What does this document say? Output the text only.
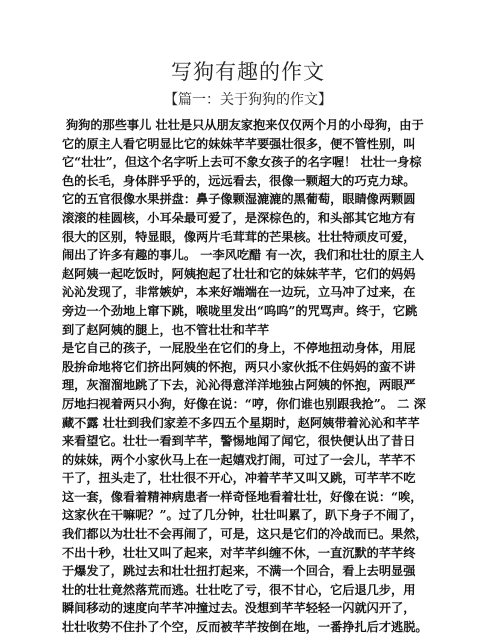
写狗有趣的作文
【篇一：关于狗狗的作文】
狗狗的那些事儿 壮壮是只从朋友家抱来仅仅两个月的小母狗，由于
它的原主人看它明显比它的妹妹芊芊要强壮很多，便不管性别，叫
它“壮壮”，但这个名字听上去可不象女孩子的名字喔！ 壮壮一身棕
色的长毛，身体胖乎乎的，远远看去，很像一颗超大的巧克力球。
它的五官很像水果拼盘：鼻子像颗湿漉漉的黑葡萄，眼睛像两颗圆
滚滚的桂圆核，小耳朵最可爱了，是深棕色的，和头部其它地方有
很大的区别，特显眼，像两片毛茸茸的芒果核。壮壮特顽皮可爱，
闹出了许多有趣的事儿。 一李风吃醋 有一次，我们和壮壮的原主人
赵阿姨一起吃饭时，阿姨抱起了壮壮和它的妹妹芊芊，它们的妈妈
沁沁发现了，非常嫉妒，本来好端端在一边玩，立马冲了过来，在
旁边一个劲地上窜下跳，喉咙里发出“呜呜”的咒骂声。终于，它跳
到了赵阿姨的腿上，也不管壮壮和芊芊
是它自己的孩子，一屁股坐在它们的身上，不停地扭动身体，用屁
股拚命地将它们挤出阿姨的怀抱，两只小家伙抵不住妈妈的蛮不讲
理，灰溜溜地跳了下去，沁沁得意洋洋地独占阿姨的怀抱，两眼严
厉地扫视着两只小狗，好像在说：“哼，你们谁也别跟我抢”。 二 深
藏不露 壮壮到我们家差不多四五个星期时，赵阿姨带着沁沁和芊芊
来看望它。壮壮一看到芊芊，警惕地闻了闻它，很快便认出了昔日
的妹妹，两个小家伙马上在一起嬉戏打闹，可过了一会儿，芊芊不
干了，扭头走了，壮壮很不开心，冲着芊芊又叫又跳，可芊芊不吃
这一套，像看着精神病患者一样奇怪地看着壮壮，好像在说：“唉，
这家伙在干嘛呢？”。过了几分钟，壮壮叫累了，趴下身子不闹了，
我们都以为壮壮不会再闹了，可是，这只是它们的冷战而已。果然，
不出十秒，壮壮又叫了起来，对芊芊纠缠不休，一直沉默的芊芊终
于爆发了，跳过去和壮壮扭打起来，不满一个回合，看上去明显强
壮的壮壮竟然落荒而逃。壮壮吃了亏，很不甘心，它后退几步，用
瞬间移动的速度向芊芊冲撞过去。没想到芊芊轻轻一闪就闪开了，
壮壮收势不住扑了个空，反而被芊芊按倒在地，一番挣扎后才逃脱。
